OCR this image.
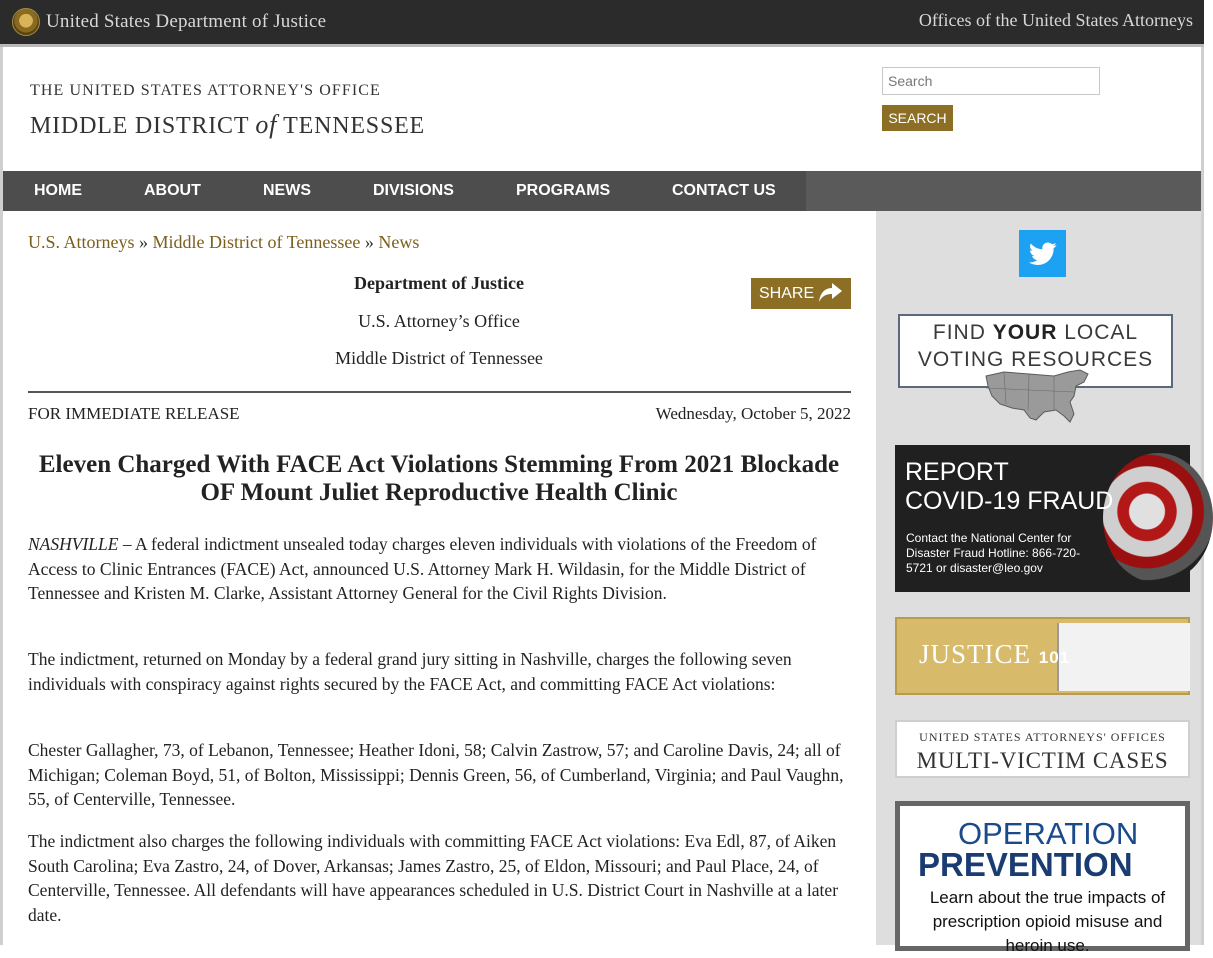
United States Department of Justice	Offices of the United States Attorneys
THE UNITED STATES ATTORNEY'S OFFICE
MIDDLE DISTRICT of TENNESSEE
Search	SEARCH
HOME	ABOUT	NEWS	DIVISIONS	PROGRAMS	CONTACT US
FIND YOUR LOCAL
VOTING RESOURCES
REPORT
COVID-19 FRAUD
Contact the National Center for Disaster Fraud Hotline: 866-720-5721 or disaster@leo.gov
JUSTICE 101
UNITED STATES ATTORNEYS' OFFICES
MULTI-VICTIM CASES
OPERATION
PREVENTION
Learn about the true impacts of prescription opioid misuse and heroin use.
U.S. Attorneys » Middle District of Tennessee » News
Department of Justice
U.S. Attorney’s Office
Middle District of Tennessee
SHARE
FOR IMMEDIATE RELEASE	Wednesday, October 5, 2022
Eleven Charged With FACE Act Violations Stemming From 2021 Blockade OF Mount Juliet Reproductive Health Clinic
NASHVILLE – A federal indictment unsealed today charges eleven individuals with violations of the Freedom of Access to Clinic Entrances (FACE) Act, announced U.S. Attorney Mark H. Wildasin, for the Middle District of Tennessee and Kristen M. Clarke, Assistant Attorney General for the Civil Rights Division.
The indictment, returned on Monday by a federal grand jury sitting in Nashville, charges the following seven individuals with conspiracy against rights secured by the FACE Act, and committing FACE Act violations:
Chester Gallagher, 73, of Lebanon, Tennessee; Heather Idoni, 58; Calvin Zastrow, 57; and Caroline Davis, 24; all of Michigan; Coleman Boyd, 51, of Bolton, Mississippi; Dennis Green, 56, of Cumberland, Virginia; and Paul Vaughn, 55, of Centerville, Tennessee.
The indictment also charges the following individuals with committing FACE Act violations: Eva Edl, 87, of Aiken South Carolina; Eva Zastro, 24, of Dover, Arkansas; James Zastro, 25, of Eldon, Missouri; and Paul Place, 24, of Centerville, Tennessee. All defendants will have appearances scheduled in U.S. District Court in Nashville at a later date.
